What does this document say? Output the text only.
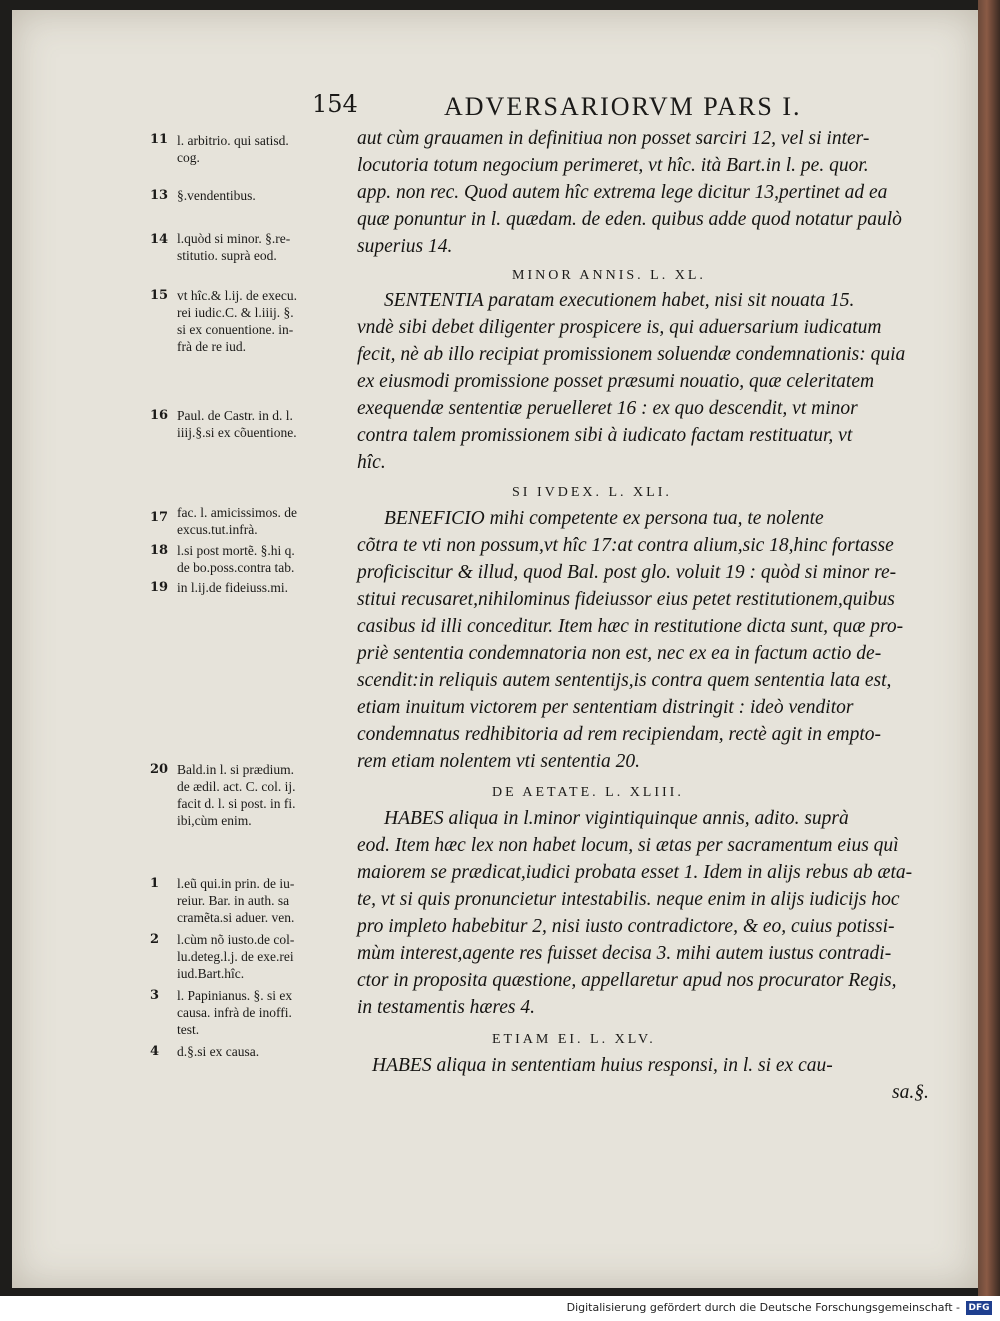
154	ADVERSARIORVM PARS I.
11 l. arbitrio. qui satisd.
cog.
13 §.vendentibus.
14 l.quòd si minor. §.re-
stitutio. suprà eod.
15 vt hîc.& l.ij. de execu.
rei iudic.C. & l.iiij. §.
si ex conuentione. in-
frà de re iud.
16 Paul. de Castr. in d. l.
iiij.§.si ex cõuentione.
17 fac. l. amicissimos. de
excus.tut.infrà.
18 l.si post mortẽ. §.hi q.
de bo.poss.contra tab.
19 in l.ij.de fideiuss.mi.
20 Bald.in l. si prædium.
de ædil. act. C. col. ij.
facit d. l. si post. in fi.
ibi,cùm enim.
1 l.eũ qui.in prin. de iu-
reiur. Bar. in auth. sa
cramẽta.si aduer. ven.
2 l.cùm nõ iusto.de col-
lu.deteg.l.j. de exe.rei
iud.Bart.hîc.
3 l. Papinianus. §. si ex
causa. infrà de inoffi.
test.
4 d.§.si ex causa.
aut cùm grauamen in definitiua non posset sarciri 12, vel si inter-
locutoria totum negocium perimeret, vt hîc. ità Bart.in l. pe. quor.
app. non rec. Quod autem hîc extrema lege dicitur 13,pertinet ad ea
quæ ponuntur in l. quædam. de eden. quibus adde quod notatur paulò
superius 14.
MINOR ANNIS. L. XL.
SENTENTIA paratam executionem habet, nisi sit nouata 15.
vndè sibi debet diligenter prospicere is, qui aduersarium iudicatum
fecit, nè ab illo recipiat promissionem soluendæ condemnationis: quia
ex eiusmodi promissione posset præsumi nouatio, quæ celeritatem
exequendæ sententiæ peruelleret 16 : ex quo descendit, vt minor
contra talem promissionem sibi à iudicato factam restituatur, vt
hîc.
SI IVDEX. L. XLI.
BENEFICIO mihi competente ex persona tua, te nolente
cõtra te vti non possum,vt hîc 17:at contra alium,sic 18,hinc fortasse
proficiscitur & illud, quod Bal. post glo. voluit 19 : quòd si minor re-
stitui recusaret,nihilominus fideiussor eius petet restitutionem,quibus
casibus id illi conceditur. Item hæc in restitutione dicta sunt, quæ pro-
priè sententia condemnatoria non est, nec ex ea in factum actio de-
scendit:in reliquis autem sententijs,is contra quem sententia lata est,
etiam inuitum victorem per sententiam distringit : ideò venditor
condemnatus redhibitoria ad rem recipiendam, rectè agit in empto-
rem etiam nolentem vti sententia 20.
DE AETATE. L. XLIII.
HABES aliqua in l.minor vigintiquinque annis, adito. suprà
eod. Item hæc lex non habet locum, si ætas per sacramentum eius quì
maiorem se prædicat,iudici probata esset 1. Idem in alijs rebus ab æta-
te, vt si quis pronuncietur intestabilis. neque enim in alijs iudicijs hoc
pro impleto habebitur 2, nisi iusto contradictore, & eo, cuius potissi-
mùm interest,agente res fuisset decisa 3. mihi autem iustus contradi-
ctor in proposita quæstione, appellaretur apud nos procurator Regis,
in testamentis hæres 4.
ETIAM EI. L. XLV.
HABES aliqua in sententiam huius responsi, in l. si ex cau-
sa.§.
Digitalisierung gefördert durch die Deutsche Forschungsgemeinschaft - DFG
